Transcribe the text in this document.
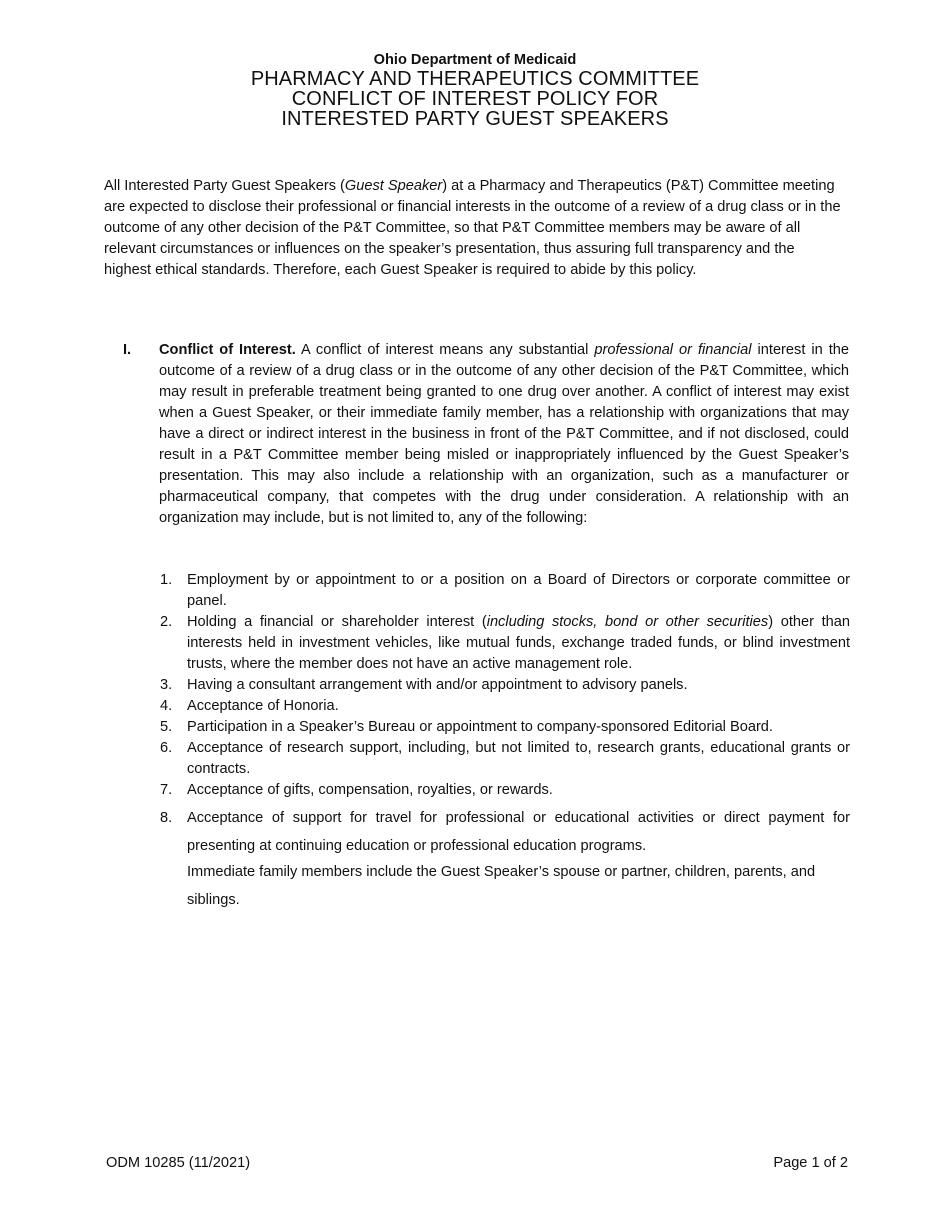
Ohio Department of Medicaid
PHARMACY AND THERAPEUTICS COMMITTEE
CONFLICT OF INTEREST POLICY FOR
INTERESTED PARTY GUEST SPEAKERS

All Interested Party Guest Speakers (Guest Speaker) at a Pharmacy and Therapeutics (P&T) Committee meeting are expected to disclose their professional or financial interests in the outcome of a review of a drug class or in the outcome of any other decision of the P&T Committee, so that P&T Committee members may be aware of all relevant circumstances or influences on the speaker’s presentation, thus assuring full transparency and the highest ethical standards. Therefore, each Guest Speaker is required to abide by this policy.

I. Conflict of Interest. A conflict of interest means any substantial professional or financial interest in the outcome of a review of a drug class or in the outcome of any other decision of the P&T Committee, which may result in preferable treatment being granted to one drug over another. A conflict of interest may exist when a Guest Speaker, or their immediate family member, has a relationship with organizations that may have a direct or indirect interest in the business in front of the P&T Committee, and if not disclosed, could result in a P&T Committee member being misled or inappropriately influenced by the Guest Speaker’s presentation. This may also include a relationship with an organization, such as a manufacturer or pharmaceutical company, that competes with the drug under consideration. A relationship with an organization may include, but is not limited to, any of the following:

1. Employment by or appointment to or a position on a Board of Directors or corporate committee or panel.
2. Holding a financial or shareholder interest (including stocks, bond or other securities) other than interests held in investment vehicles, like mutual funds, exchange traded funds, or blind investment trusts, where the member does not have an active management role.
3. Having a consultant arrangement with and/or appointment to advisory panels.
4. Acceptance of Honoria.
5. Participation in a Speaker’s Bureau or appointment to company-sponsored Editorial Board.
6. Acceptance of research support, including, but not limited to, research grants, educational grants or contracts.
7. Acceptance of gifts, compensation, royalties, or rewards.
8. Acceptance of support for travel for professional or educational activities or direct payment for presenting at continuing education or professional education programs.

Immediate family members include the Guest Speaker’s spouse or partner, children, parents, and siblings.

ODM 10285 (11/2021)	Page 1 of 2
